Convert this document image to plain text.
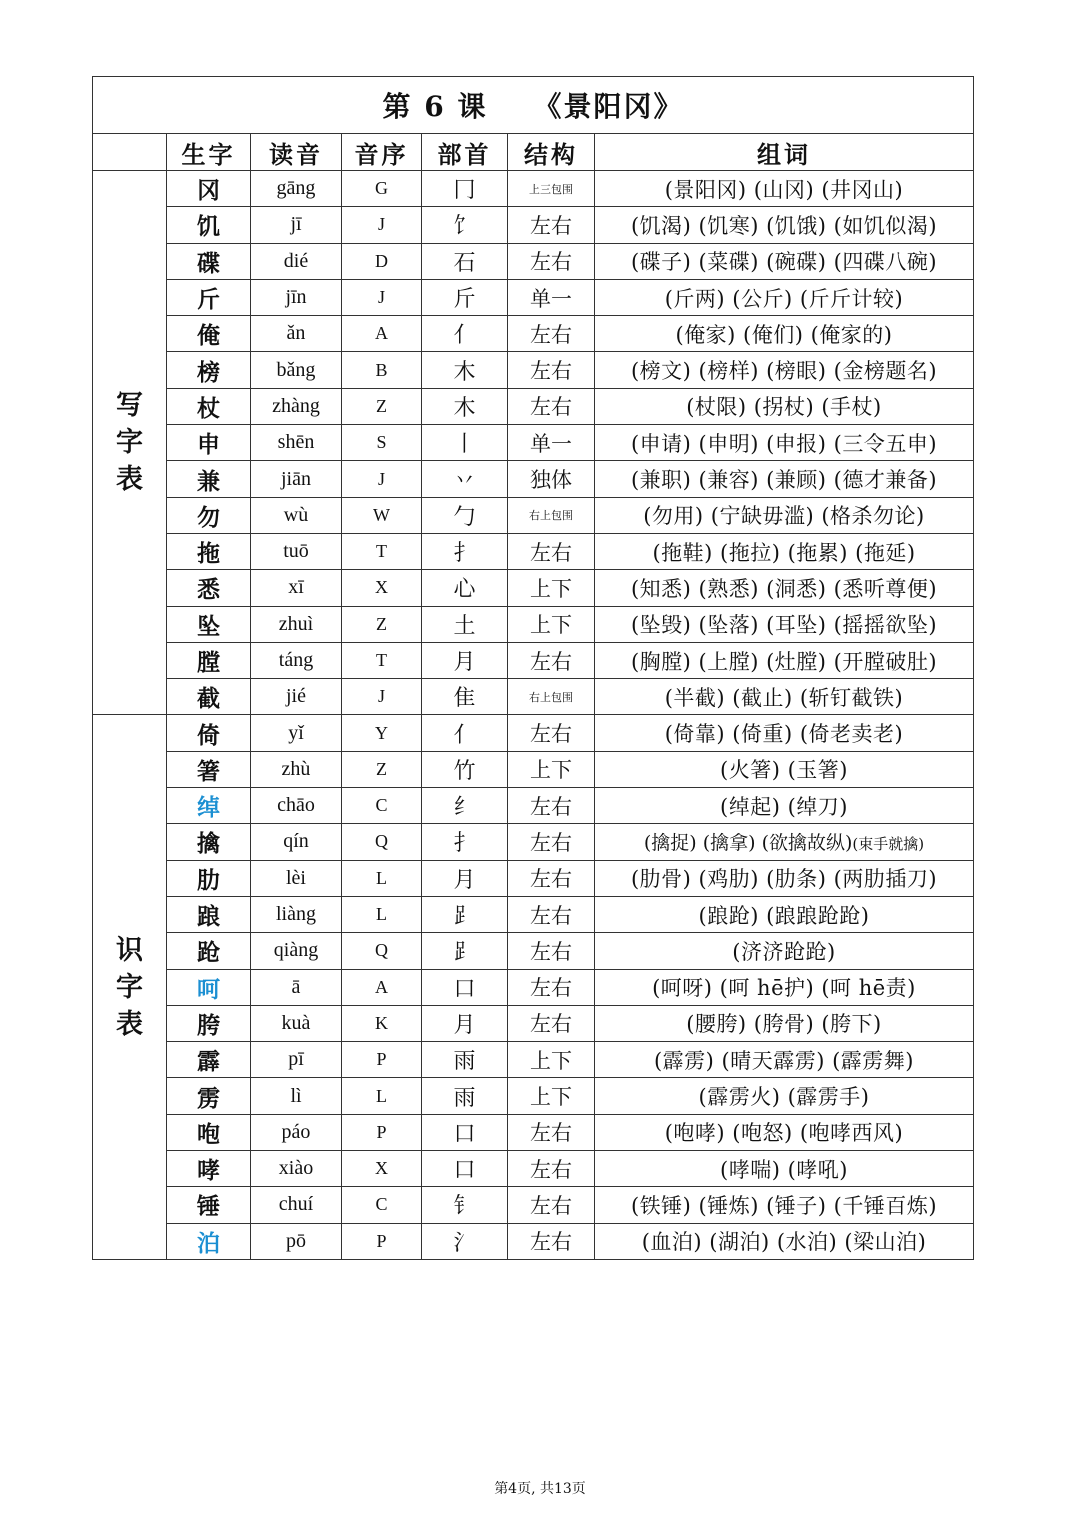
第 6 课　　《景阳冈》						
	生字	读音	音序	部首	结构	组词

写
字
表	冈	gāng	G	冂	上三包围	(景阳冈) (山冈) (井冈山)
	饥	jī	J	饣	左右	(饥渴) (饥寒) (饥饿) (如饥似渴)
	碟	dié	D	石	左右	(碟子) (菜碟) (碗碟) (四碟八碗)
	斤	jīn	J	斤	单一	(斤两) (公斤) (斤斤计较)
	俺	ǎn	A	亻	左右	(俺家) (俺们) (俺家的)
	榜	bǎng	B	木	左右	(榜文) (榜样) (榜眼) (金榜题名)
	杖	zhàng	Z	木	左右	(杖限) (拐杖) (手杖)
	申	shēn	S	丨	单一	(申请) (申明) (申报) (三令五申)
	兼	jiān	J	丷	独体	(兼职) (兼容) (兼顾) (德才兼备)
	勿	wù	W	勹	右上包围	(勿用) (宁缺毋滥) (格杀勿论)
	拖	tuō	T	扌	左右	(拖鞋) (拖拉) (拖累) (拖延)
	悉	xī	X	心	上下	(知悉) (熟悉) (洞悉) (悉听尊便)
	坠	zhuì	Z	土	上下	(坠毁) (坠落) (耳坠) (摇摇欲坠)
	膛	táng	T	月	左右	(胸膛) (上膛) (灶膛) (开膛破肚)
	截	jié	J	隹	右上包围	(半截) (截止) (斩钉截铁)

识
字
表	倚	yǐ	Y	亻	左右	(倚靠) (倚重) (倚老卖老)
	箸	zhù	Z	竹	上下	(火箸) (玉箸)
	绰	chāo	C	纟	左右	(绰起) (绰刀)
	擒	qín	Q	扌	左右	(擒捉) (擒拿) (欲擒故纵)(束手就擒)
	肋	lèi	L	月	左右	(肋骨) (鸡肋) (肋条) (两肋插刀)
	踉	liàng	L	⻊	左右	(踉跄) (踉踉跄跄)
	跄	qiàng	Q	⻊	左右	(济济跄跄)
	呵	ā	A	口	左右	(呵呀) (呵 hē护) (呵 hē责)
	胯	kuà	K	月	左右	(腰胯) (胯骨) (胯下)
	霹	pī	P	雨	上下	(霹雳) (晴天霹雳) (霹雳舞)
	雳	lì	L	雨	上下	(霹雳火) (霹雳手)
	咆	páo	P	口	左右	(咆哮) (咆怒) (咆哮西风)
	哮	xiào	X	口	左右	(哮喘) (哮吼)
	锤	chuí	C	钅	左右	(铁锤) (锤炼) (锤子) (千锤百炼)
	泊	pō	P	氵	左右	(血泊) (湖泊) (水泊) (梁山泊)
第4页, 共13页
